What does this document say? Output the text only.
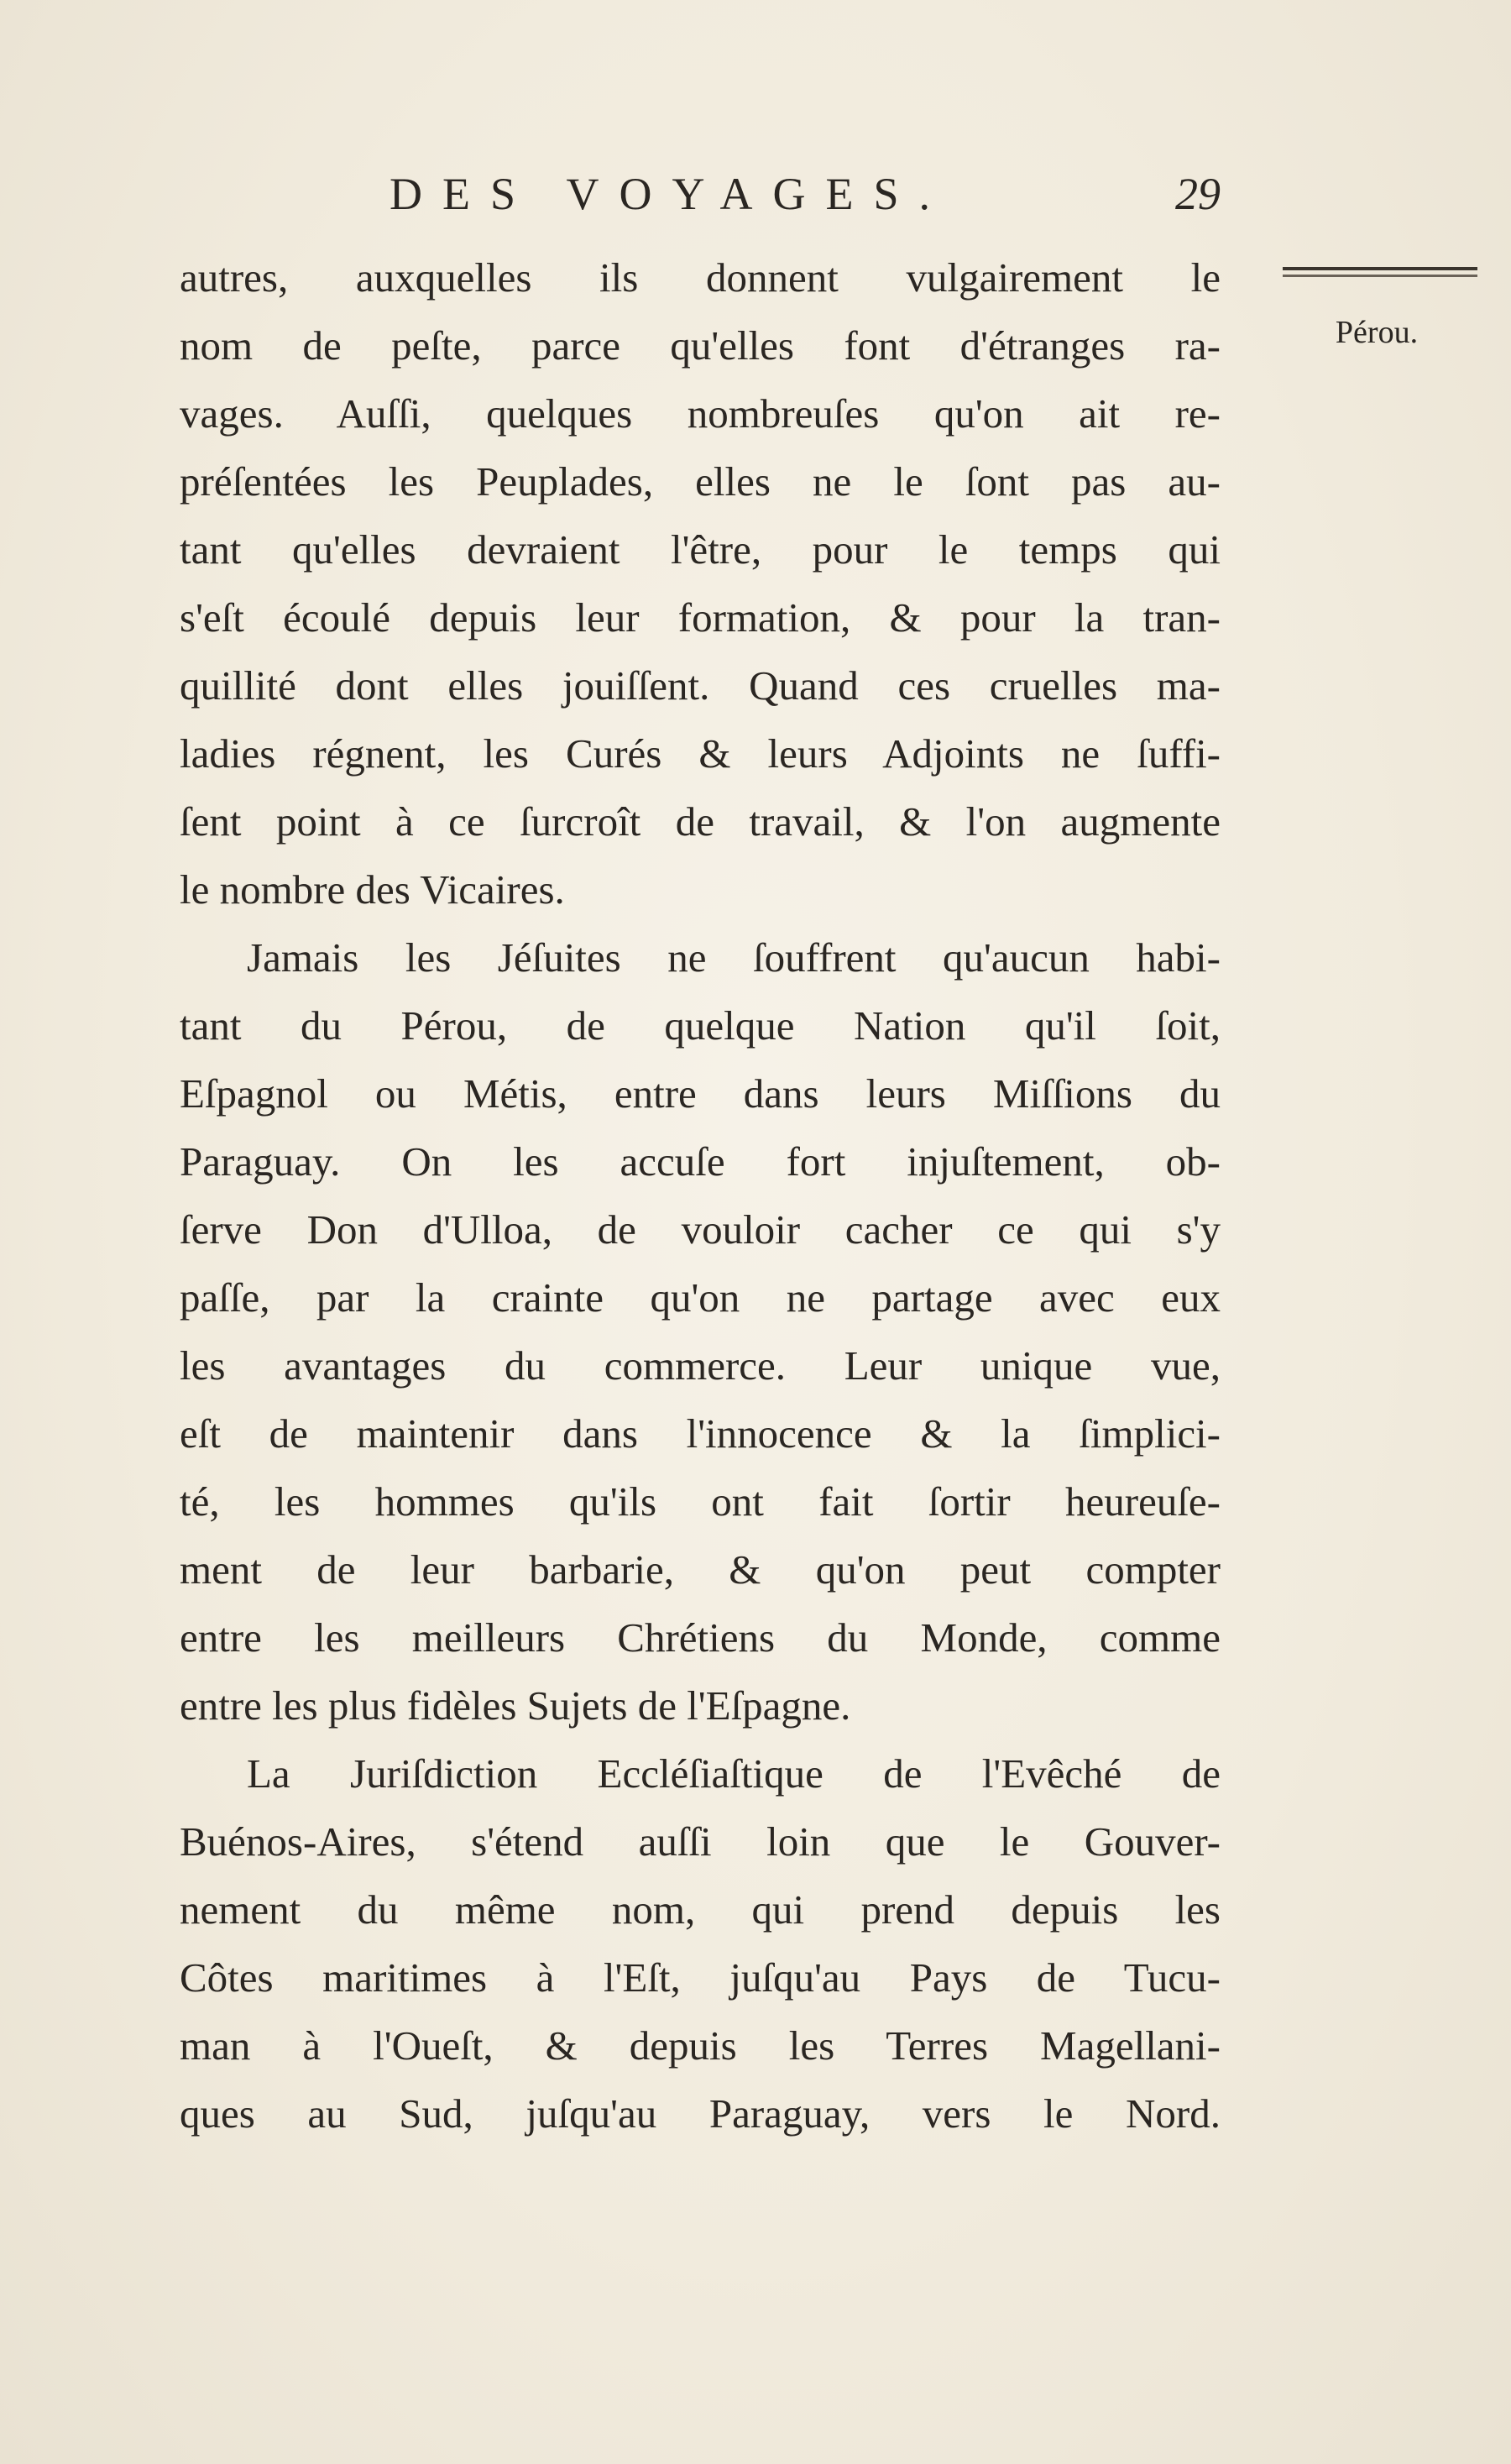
DES VOYAGES.	29
Pérou.
autres, auxquelles ils donnent vulgairement le
nom de peſte, parce qu'elles font d'étranges ra-
vages. Auſſi, quelques nombreuſes qu'on ait re-
préſentées les Peuplades, elles ne le ſont pas au-
tant qu'elles devraient l'être, pour le temps qui
s'eſt écoulé depuis leur formation, & pour la tran-
quillité dont elles jouiſſent. Quand ces cruelles ma-
ladies régnent, les Curés & leurs Adjoints ne ſuffi-
ſent point à ce ſurcroît de travail, & l'on augmente
le nombre des Vicaires.
Jamais les Jéſuites ne ſouffrent qu'aucun habi-
tant du Pérou, de quelque Nation qu'il ſoit,
Eſpagnol ou Métis, entre dans leurs Miſſions du
Paraguay. On les accuſe fort injuſtement, ob-
ſerve Don d'Ulloa, de vouloir cacher ce qui s'y
paſſe, par la crainte qu'on ne partage avec eux
les avantages du commerce. Leur unique vue,
eſt de maintenir dans l'innocence & la ſimplici-
té, les hommes qu'ils ont fait ſortir heureuſe-
ment de leur barbarie, & qu'on peut compter
entre les meilleurs Chrétiens du Monde, comme
entre les plus fidèles Sujets de l'Eſpagne.
La Juriſdiction Eccléſiaſtique de l'Evêché de
Buénos-Aires, s'étend auſſi loin que le Gouver-
nement du même nom, qui prend depuis les
Côtes maritimes à l'Eſt, juſqu'au Pays de Tucu-
man à l'Oueſt, & depuis les Terres Magellani-
ques au Sud, juſqu'au Paraguay, vers le Nord.
